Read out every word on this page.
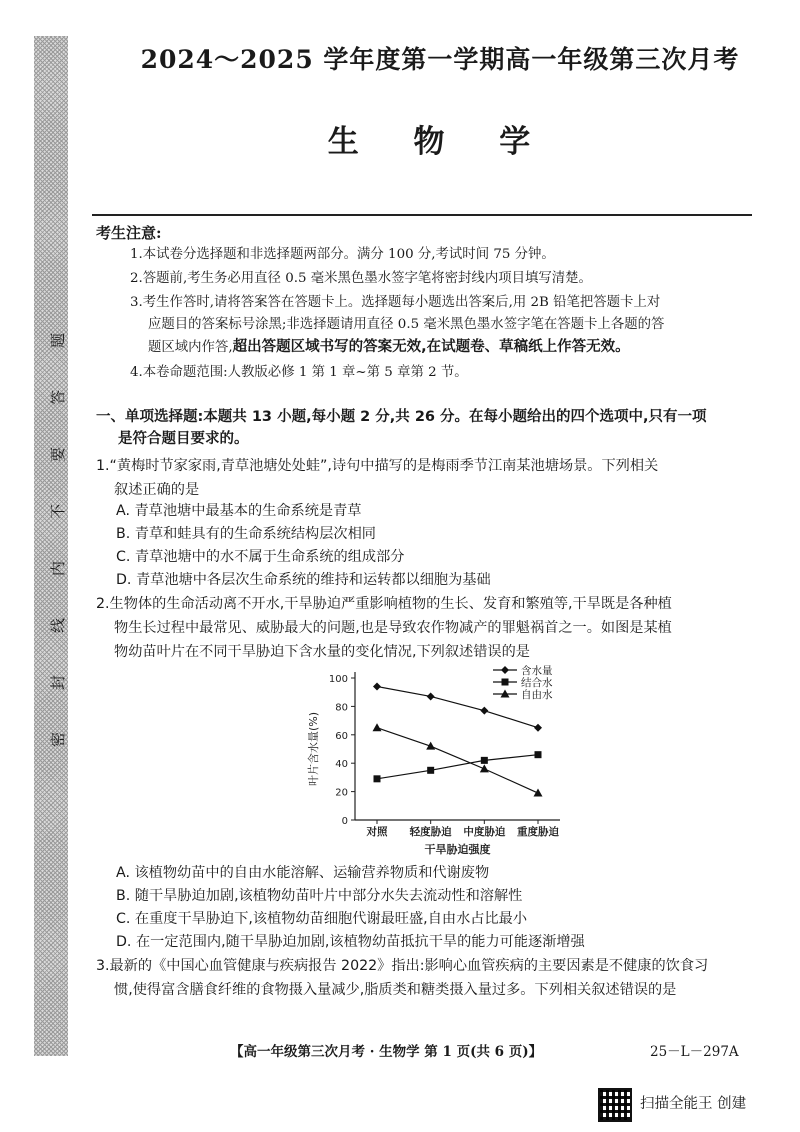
题
答
要
不
内
线
封
密
2024～2025 学年度第一学期高一年级第三次月考
生 物 学
考生注意:
1.本试卷分选择题和非选择题两部分。满分 100 分,考试时间 75 分钟。
2.答题前,考生务必用直径 0.5 毫米黑色墨水签字笔将密封线内项目填写清楚。
3.考生作答时,请将答案答在答题卡上。选择题每小题选出答案后,用 2B 铅笔把答题卡上对
应题目的答案标号涂黑;非选择题请用直径 0.5 毫米黑色墨水签字笔在答题卡上各题的答
题区域内作答,超出答题区域书写的答案无效,在试题卷、草稿纸上作答无效。
4.本卷命题范围:人教版必修 1 第 1 章~第 5 章第 2 节。
一、单项选择题:本题共 13 小题,每小题 2 分,共 26 分。在每小题给出的四个选项中,只有一项
是符合题目要求的。
1.“黄梅时节家家雨,青草池塘处处蛙”,诗句中描写的是梅雨季节江南某池塘场景。下列相关
叙述正确的是
A. 青草池塘中最基本的生命系统是青草
B. 青草和蛙具有的生命系统结构层次相同
C. 青草池塘中的水不属于生命系统的组成部分
D. 青草池塘中各层次生命系统的维持和运转都以细胞为基础
2.生物体的生命活动离不开水,干旱胁迫严重影响植物的生长、发育和繁殖等,干旱既是各种植
物生长过程中最常见、威胁最大的问题,也是导致农作物减产的罪魁祸首之一。如图是某植
物幼苗叶片在不同干旱胁迫下含水量的变化情况,下列叙述错误的是
0
20
40
60
80
100
对照 轻度胁迫 中度胁迫 重度胁迫
干旱胁迫强度
叶片含水量(%)
含水量
结合水
自由水
A. 该植物幼苗中的自由水能溶解、运输营养物质和代谢废物
B. 随干旱胁迫加剧,该植物幼苗叶片中部分水失去流动性和溶解性
C. 在重度干旱胁迫下,该植物幼苗细胞代谢最旺盛,自由水占比最小
D. 在一定范围内,随干旱胁迫加剧,该植物幼苗抵抗干旱的能力可能逐渐增强
3.最新的《中国心血管健康与疾病报告 2022》指出:影响心血管疾病的主要因素是不健康的饮食习
惯,使得富含膳食纤维的食物摄入量减少,脂质类和糖类摄入量过多。下列相关叙述错误的是
【高一年级第三次月考 · 生物学 第 1 页(共 6 页)】	25－L－297A
扫描全能王 创建
